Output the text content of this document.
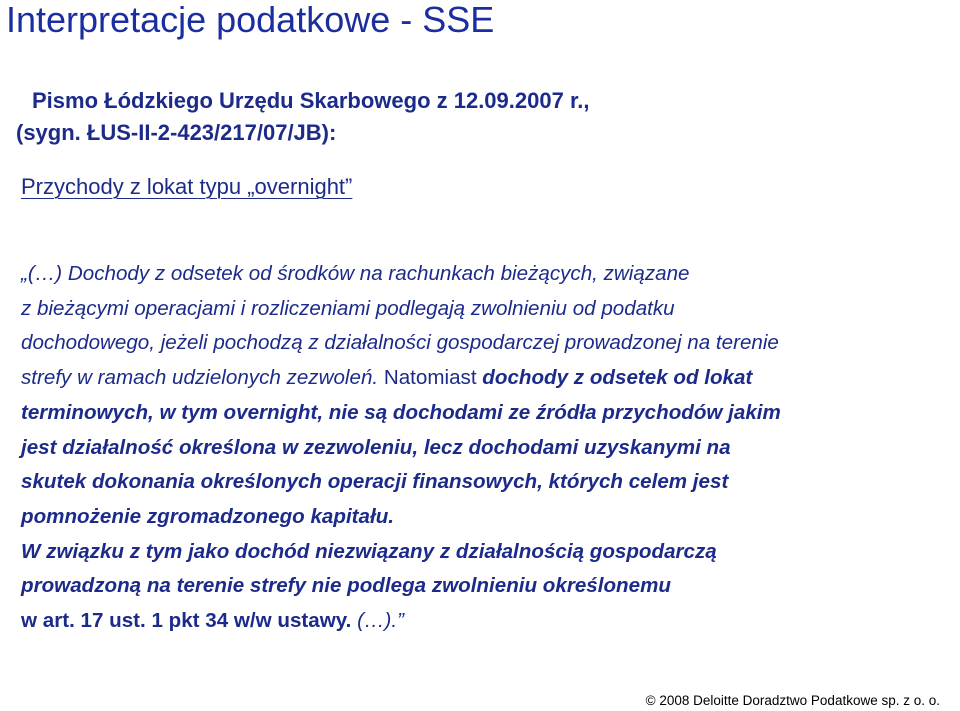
Interpretacje podatkowe - SSE
Pismo Łódzkiego Urzędu Skarbowego z 12.09.2007 r.,
(sygn. ŁUS-II-2-423/217/07/JB):
Przychody z lokat typu „overnight”

„(…) Dochody z odsetek od środków na rachunkach bieżących, związane
z bieżącymi operacjami i rozliczeniami podlegają zwolnieniu od podatku
dochodowego, jeżeli pochodzą z działalności gospodarczej prowadzonej na terenie
strefy w ramach udzielonych zezwoleń. Natomiast dochody z odsetek od lokat
terminowych, w tym overnight, nie są dochodami ze źródła przychodów jakim
jest działalność określona w zezwoleniu, lecz dochodami uzyskanymi na
skutek dokonania określonych operacji finansowych, których celem jest
pomnożenie zgromadzonego kapitału.
W związku z tym jako dochód niezwiązany z działalnością gospodarczą
prowadzoną na terenie strefy nie podlega zwolnieniu określonemu
w art. 17 ust. 1 pkt 34 w/w ustawy. (…).”

© 2008 Deloitte Doradztwo Podatkowe sp. z o. o.
